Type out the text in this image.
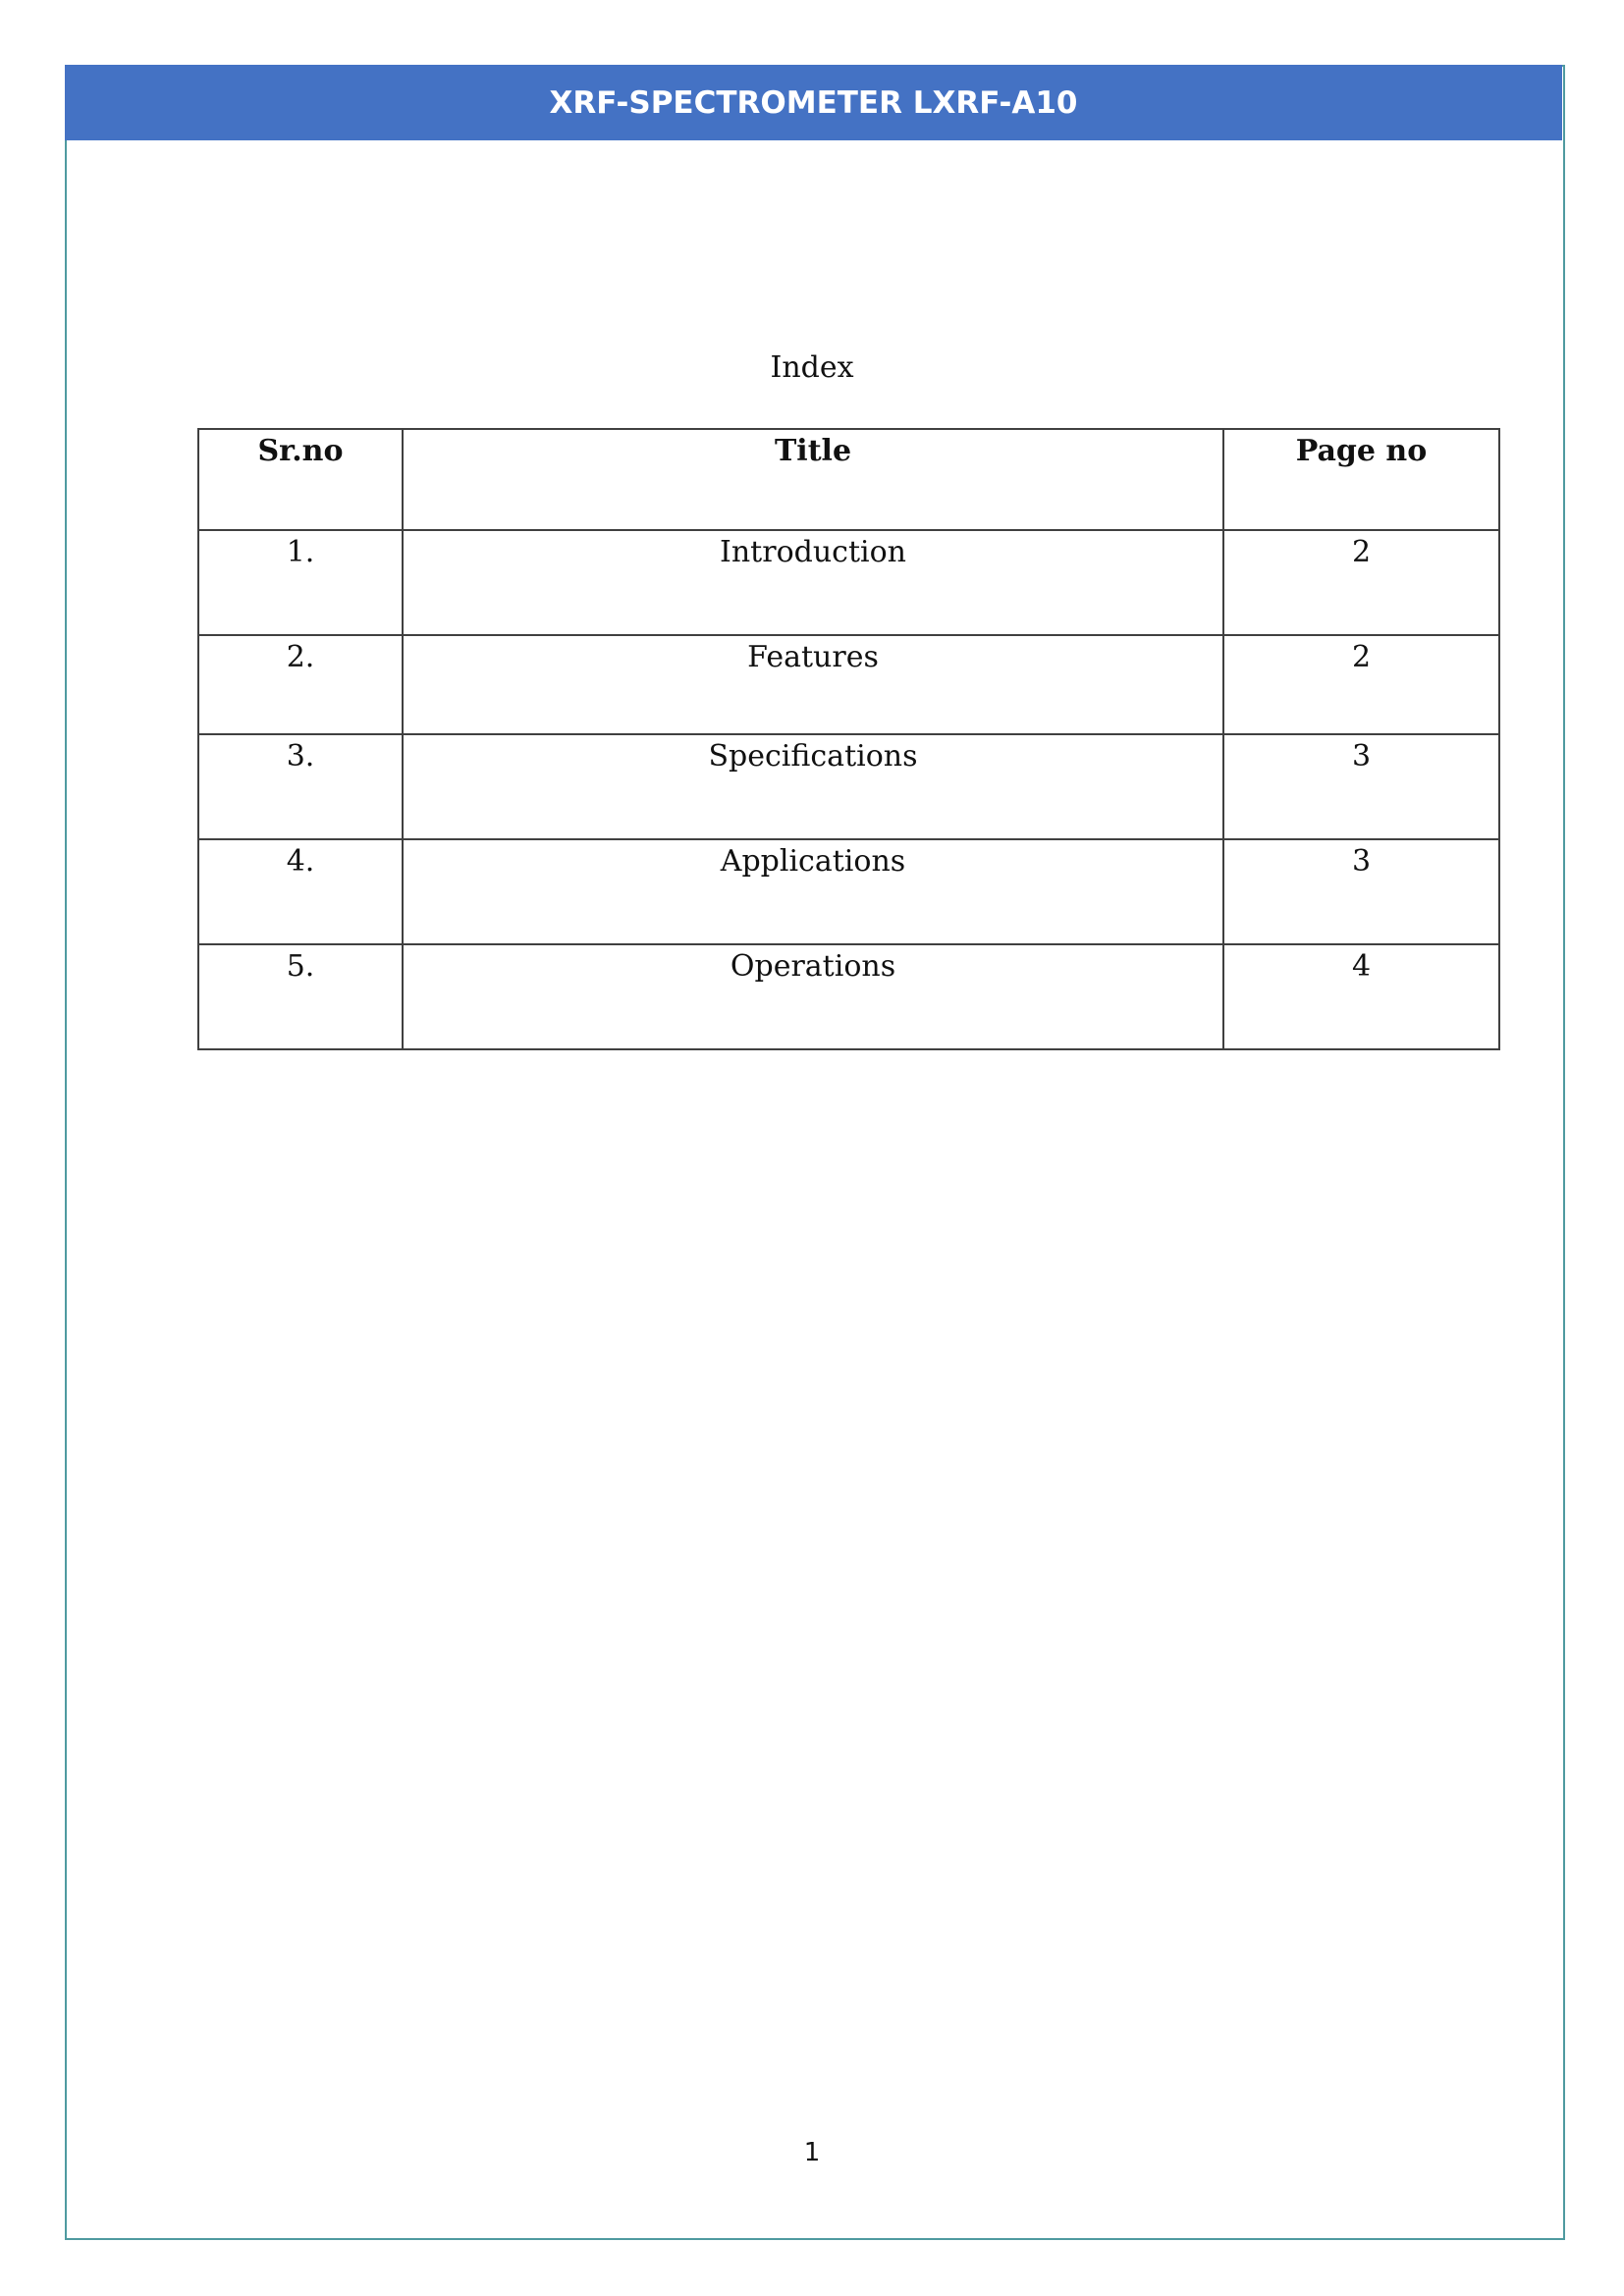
XRF-SPECTROMETER LXRF-A10
Index
Sr.no	Title	Page no
1.	Introduction	2
2.	Features	2
3.	Specifications	3
4.	Applications	3
5.	Operations	4
1
